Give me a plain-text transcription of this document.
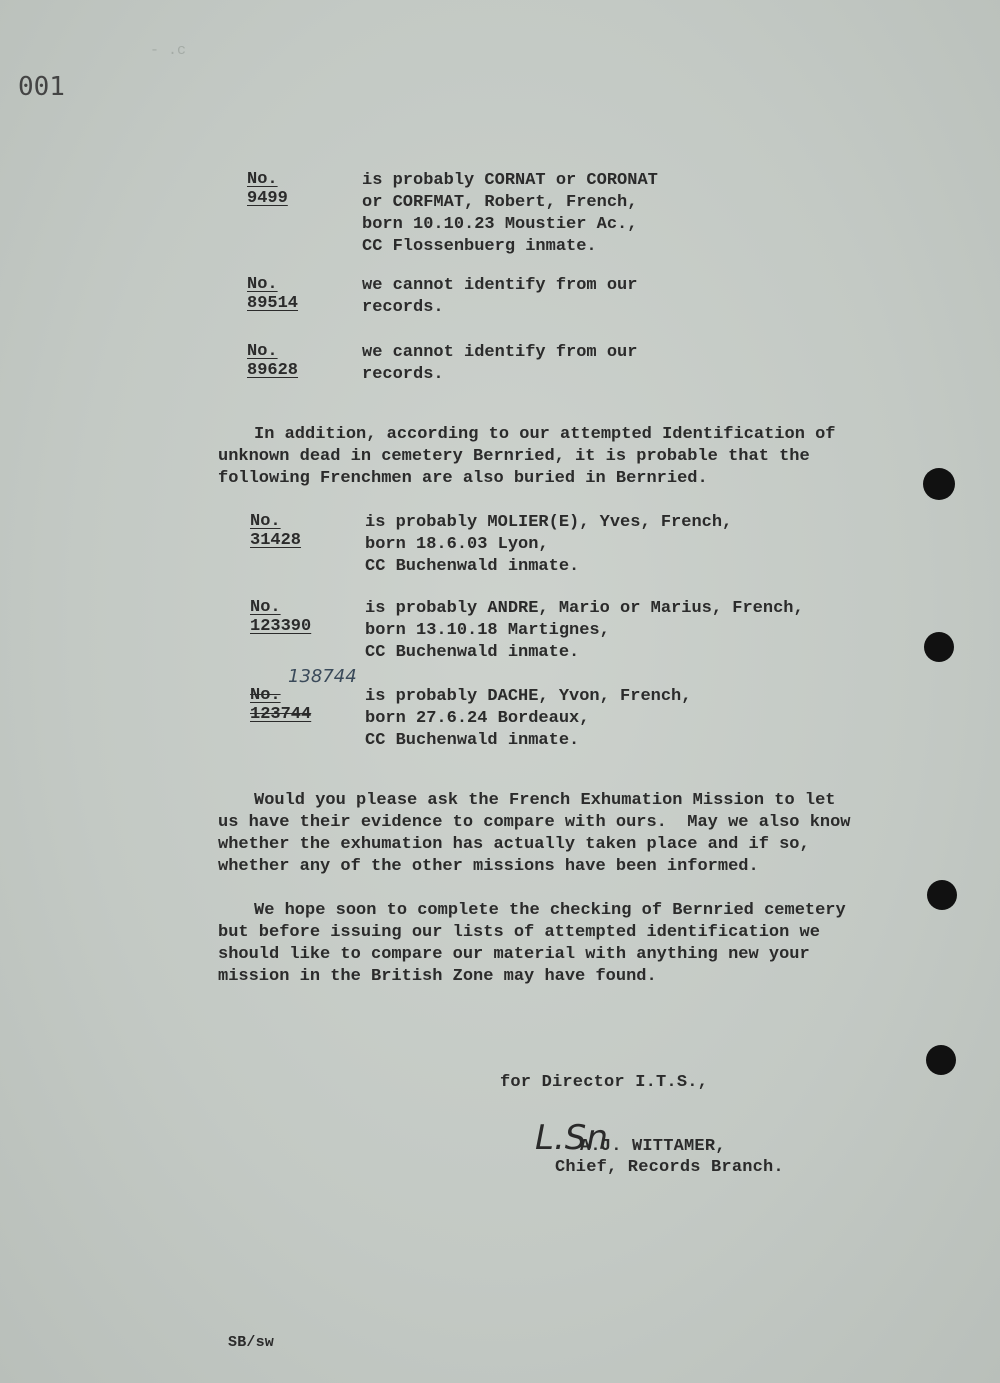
001
- .c
No. 9499
is probably CORNAT or CORONAT
or CORFMAT, Robert, French,
born 10.10.23 Moustier Ac.,
CC Flossenbuerg inmate.
No. 89514
we cannot identify from our
records.
No. 89628
we cannot identify from our
records.
In addition, according to our attempted Identification of
unknown dead in cemetery Bernried, it is probable that the
following Frenchmen are also buried in Bernried.
No. 31428
is probably MOLIER(E), Yves, French,
born 18.6.03 Lyon,
CC Buchenwald inmate.
No. 123390
is probably ANDRE, Mario or Marius, French,
born 13.10.18 Martignes,
CC Buchenwald inmate.
138744
No. 123744
is probably DACHE, Yvon, French,
born 27.6.24 Bordeaux,
CC Buchenwald inmate.
Would you please ask the French Exhumation Mission to let
us have their evidence to compare with ours.  May we also know
whether the exhumation has actually taken place and if so,
whether any of the other missions have been informed.
We hope soon to complete the checking of Bernried cemetery
but before issuing our lists of attempted identification we
should like to compare our material with anything new your
mission in the British Zone may have found.
for Director I.T.S.,
L.Sn
A.J. WITTAMER,
Chief, Records Branch.
SB/sw
